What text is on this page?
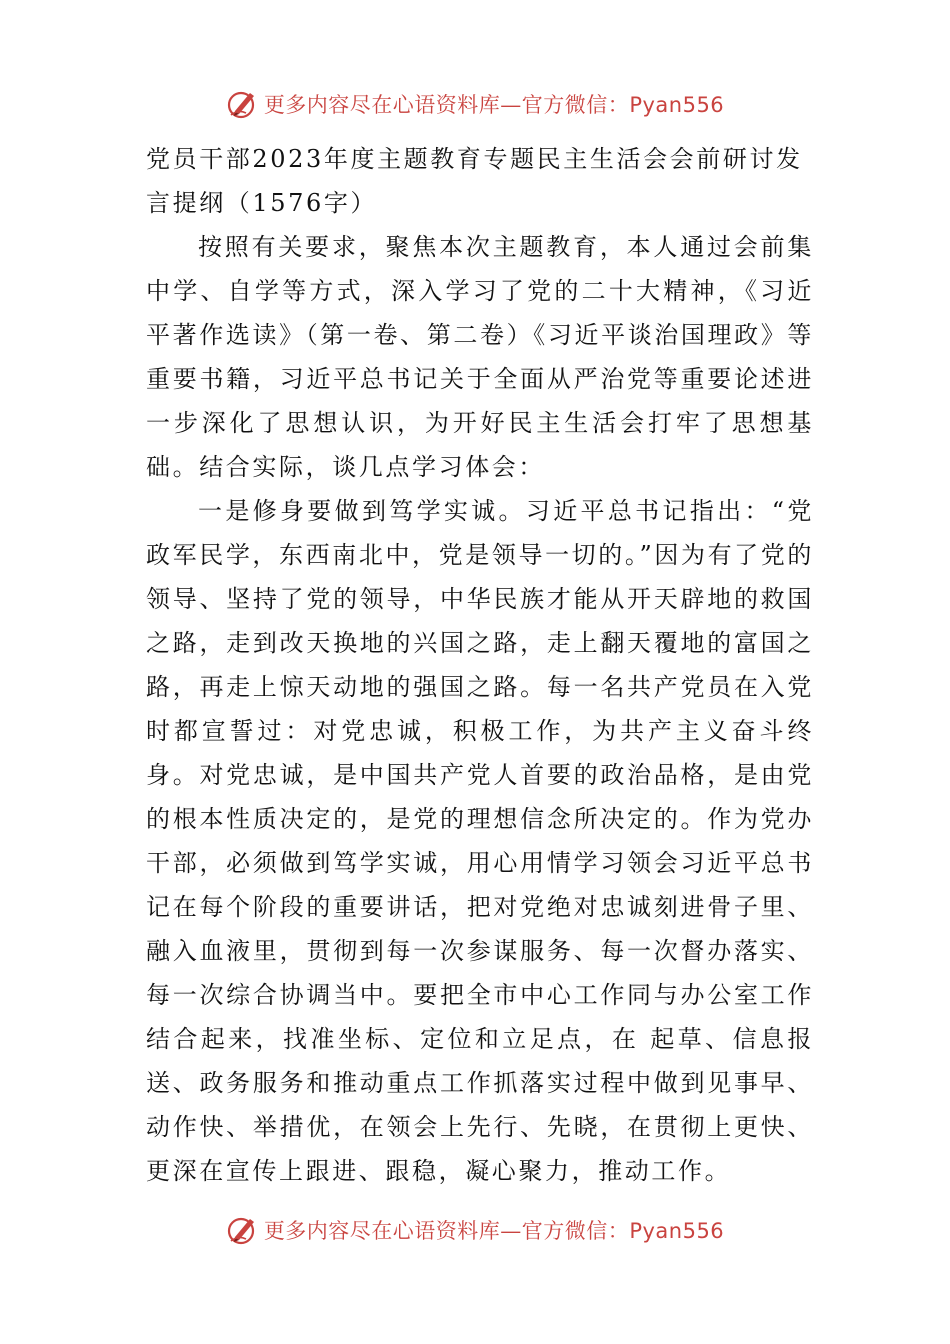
更多内容尽在心语资料库—官方微信：Pyan556
党员干部2023年度主题教育专题民主生活会会前研讨发言提纲（1576字）

按照有关要求，聚焦本次主题教育，本人通过会前集中学、自学等方式，深入学习了党的二十大精神，《习近平著作选读》（第一卷、第二卷）《习近平谈治国理政》等重要书籍，习近平总书记关于全面从严治党等重要论述进一步深化了思想认识，为开好民主生活会打牢了思想基础。结合实际，谈几点学习体会：

一是修身要做到笃学实诚。习近平总书记指出：“党政军民学，东西南北中，党是领导一切的。”因为有了党的领导、坚持了党的领导，中华民族才能从开天辟地的救国之路，走到改天换地的兴国之路，走上翻天覆地的富国之路，再走上惊天动地的强国之路。每一名共产党员在入党时都宣誓过：对党忠诚，积极工作，为共产主义奋斗终身。对党忠诚，是中国共产党人首要的政治品格，是由党的根本性质决定的，是党的理想信念所决定的。作为党办干部，必须做到笃学实诚，用心用情学习领会习近平总书记在每个阶段的重要讲话，把对党绝对忠诚刻进骨子里、融入血液里，贯彻到每一次参谋服务、每一次督办落实、每一次综合协调当中。要把全市中心工作同与办公室工作结合起来，找准坐标、定位和立足点，在 起草、信息报送、政务服务和推动重点工作抓落实过程中做到见事早、动作快、举措优，在领会上先行、先晓，在贯彻上更快、更深在宣传上跟进、跟稳，凝心聚力，推动工作。

更多内容尽在心语资料库—官方微信：Pyan556
